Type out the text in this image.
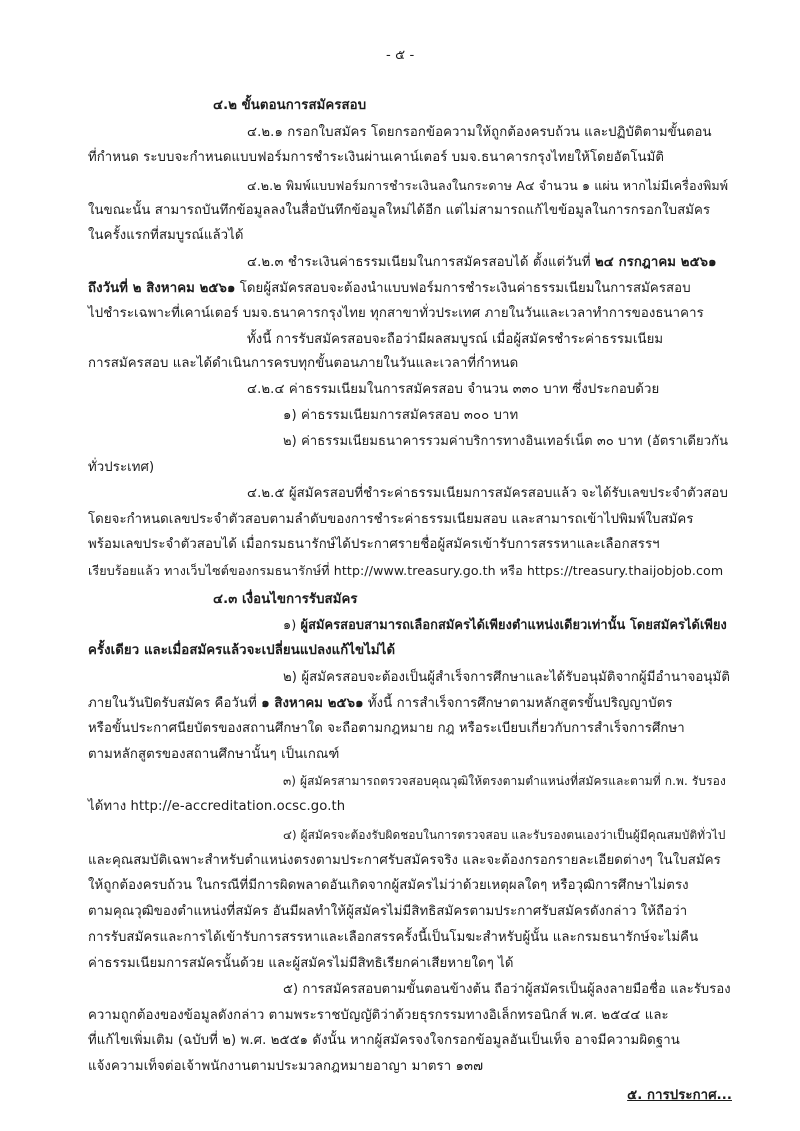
- ๕ -

๔.๒ ขั้นตอนการสมัครสอบ

๔.๒.๑ กรอกใบสมัคร โดยกรอกข้อความให้ถูกต้องครบถ้วน และปฏิบัติตามขั้นตอน

ที่กำหนด ระบบจะกำหนดแบบฟอร์มการชำระเงินผ่านเคาน์เตอร์ บมจ.ธนาคารกรุงไทยให้โดยอัตโนมัติ

๔.๒.๒ พิมพ์แบบฟอร์มการชำระเงินลงในกระดาษ A๔ จำนวน ๑ แผ่น หากไม่มีเครื่องพิมพ์

ในขณะนั้น สามารถบันทึกข้อมูลลงในสื่อบันทึกข้อมูลใหม่ได้อีก แต่ไม่สามารถแก้ไขข้อมูลในการกรอกใบสมัคร

ในครั้งแรกที่สมบูรณ์แล้วได้

๔.๒.๓ ชำระเงินค่าธรรมเนียมในการสมัครสอบได้ ตั้งแต่วันที่ ๒๔ กรกฎาคม ๒๕๖๑

ถึงวันที่ ๒ สิงหาคม ๒๕๖๑ โดยผู้สมัครสอบจะต้องนำแบบฟอร์มการชำระเงินค่าธรรมเนียมในการสมัครสอบ

ไปชำระเฉพาะที่เคาน์เตอร์ บมจ.ธนาคารกรุงไทย ทุกสาขาทั่วประเทศ ภายในวันและเวลาทำการของธนาคาร

ทั้งนี้ การรับสมัครสอบจะถือว่ามีผลสมบูรณ์ เมื่อผู้สมัครชำระค่าธรรมเนียม

การสมัครสอบ และได้ดำเนินการครบทุกขั้นตอนภายในวันและเวลาที่กำหนด

๔.๒.๔ ค่าธรรมเนียมในการสมัครสอบ จำนวน ๓๓๐ บาท ซึ่งประกอบด้วย

๑) ค่าธรรมเนียมการสมัครสอบ ๓๐๐ บาท

๒) ค่าธรรมเนียมธนาคารรวมค่าบริการทางอินเทอร์เน็ต ๓๐ บาท (อัตราเดียวกัน

ทั่วประเทศ)

๔.๒.๕ ผู้สมัครสอบที่ชำระค่าธรรมเนียมการสมัครสอบแล้ว จะได้รับเลขประจำตัวสอบ

โดยจะกำหนดเลขประจำตัวสอบตามลำดับของการชำระค่าธรรมเนียมสอบ และสามารถเข้าไปพิมพ์ใบสมัคร

พร้อมเลขประจำตัวสอบได้ เมื่อกรมธนารักษ์ได้ประกาศรายชื่อผู้สมัครเข้ารับการสรรหาและเลือกสรรฯ

เรียบร้อยแล้ว ทางเว็บไซต์ของกรมธนารักษ์ที่ http://www.treasury.go.th หรือ https://treasury.thaijobjob.com

๔.๓ เงื่อนไขการรับสมัคร

๑) ผู้สมัครสอบสามารถเลือกสมัครได้เพียงตำแหน่งเดียวเท่านั้น โดยสมัครได้เพียง

ครั้งเดียว และเมื่อสมัครแล้วจะเปลี่ยนแปลงแก้ไขไม่ได้

๒) ผู้สมัครสอบจะต้องเป็นผู้สำเร็จการศึกษาและได้รับอนุมัติจากผู้มีอำนาจอนุมัติ

ภายในวันปิดรับสมัคร คือวันที่ ๑ สิงหาคม ๒๕๖๑ ทั้งนี้ การสำเร็จการศึกษาตามหลักสูตรขั้นปริญญาบัตร

หรือขั้นประกาศนียบัตรของสถานศึกษาใด จะถือตามกฎหมาย กฎ หรือระเบียบเกี่ยวกับการสำเร็จการศึกษา

ตามหลักสูตรของสถานศึกษานั้นๆ เป็นเกณฑ์

๓) ผู้สมัครสามารถตรวจสอบคุณวุฒิให้ตรงตามตำแหน่งที่สมัครและตามที่ ก.พ. รับรอง

ได้ทาง http://e-accreditation.ocsc.go.th

๔) ผู้สมัครจะต้องรับผิดชอบในการตรวจสอบ และรับรองตนเองว่าเป็นผู้มีคุณสมบัติทั่วไป

และคุณสมบัติเฉพาะสำหรับตำแหน่งตรงตามประกาศรับสมัครจริง และจะต้องกรอกรายละเอียดต่างๆ ในใบสมัคร

ให้ถูกต้องครบถ้วน ในกรณีที่มีการผิดพลาดอันเกิดจากผู้สมัครไม่ว่าด้วยเหตุผลใดๆ หรือวุฒิการศึกษาไม่ตรง

ตามคุณวุฒิของตำแหน่งที่สมัคร อันมีผลทำให้ผู้สมัครไม่มีสิทธิสมัครตามประกาศรับสมัครดังกล่าว ให้ถือว่า

การรับสมัครและการได้เข้ารับการสรรหาและเลือกสรรครั้งนี้เป็นโมฆะสำหรับผู้นั้น และกรมธนารักษ์จะไม่คืน

ค่าธรรมเนียมการสมัครนั้นด้วย และผู้สมัครไม่มีสิทธิเรียกค่าเสียหายใดๆ ได้

๕) การสมัครสอบตามขั้นตอนข้างต้น ถือว่าผู้สมัครเป็นผู้ลงลายมือชื่อ และรับรอง

ความถูกต้องของข้อมูลดังกล่าว ตามพระราชบัญญัติว่าด้วยธุรกรรมทางอิเล็กทรอนิกส์ พ.ศ. ๒๕๔๔ และ

ที่แก้ไขเพิ่มเติม (ฉบับที่ ๒) พ.ศ. ๒๕๕๑ ดังนั้น หากผู้สมัครจงใจกรอกข้อมูลอันเป็นเท็จ อาจมีความผิดฐาน

แจ้งความเท็จต่อเจ้าพนักงานตามประมวลกฎหมายอาญา มาตรา ๑๓๗

๕. การประกาศ...
